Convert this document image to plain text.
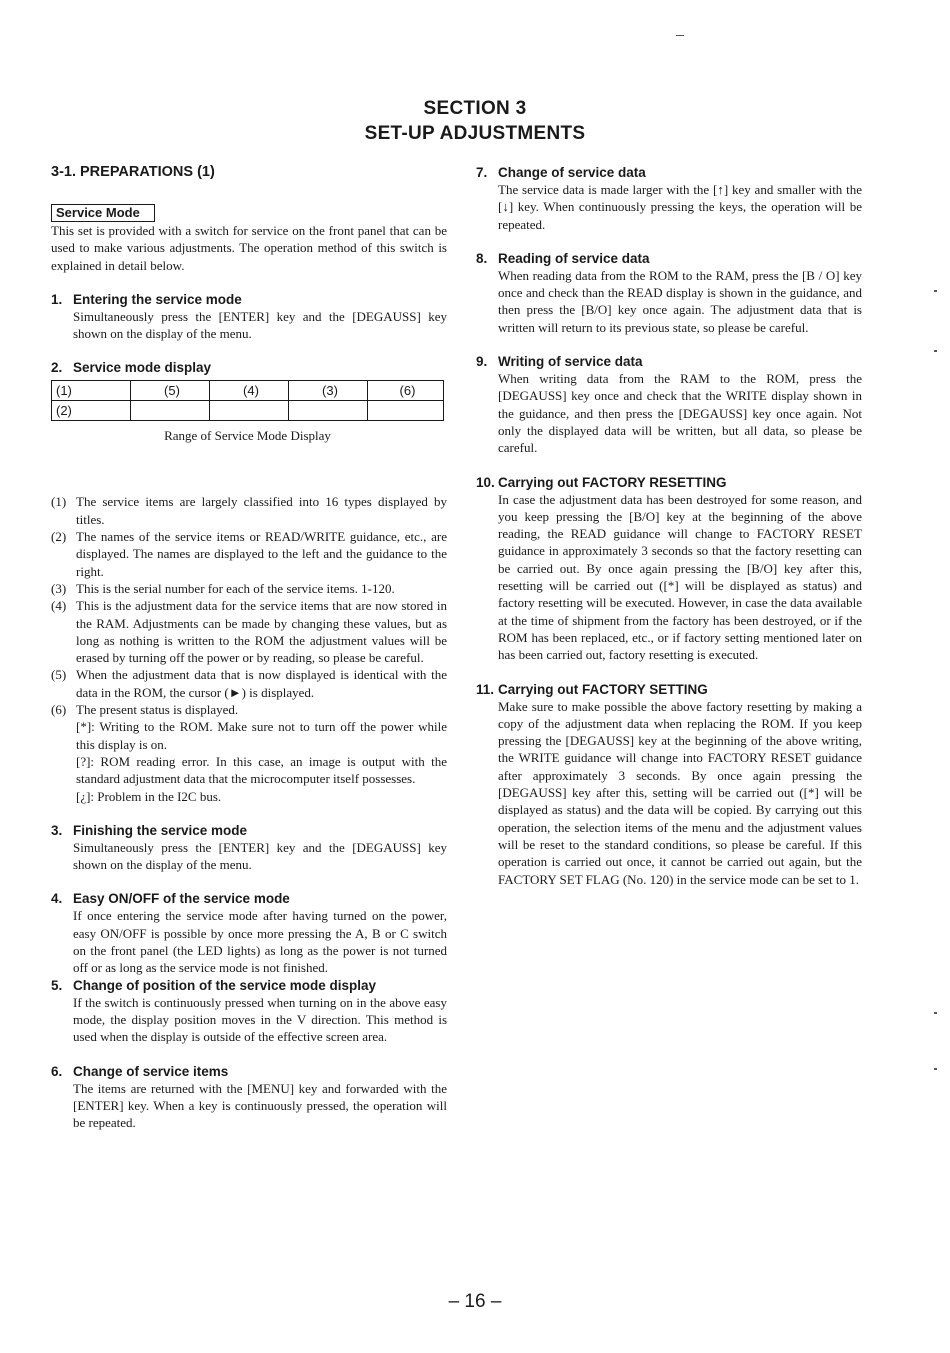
SECTION 3
SET-UP ADJUSTMENTS

3-1. PREPARATIONS (1)

Service Mode

This set is provided with a switch for service on the front panel that can be used to make various adjustments. The operation method of this switch is explained in detail below.

1. Entering the service mode

Simultaneously press the [ENTER] key and the [DEGAUSS] key shown on the display of the menu.

2. Service mode display

(1)	(5)	(4)	(3)	(6)
(2)				
Range of Service Mode Display
(1) The service items are largely classified into 16 types displayed by titles.
(2) The names of the service items or READ/WRITE guidance, etc., are displayed. The names are displayed to the left and the guidance to the right.
(3) This is the serial number for each of the service items. 1-120.
(4) This is the adjustment data for the service items that are now stored in the RAM. Adjustments can be made by changing these values, but as long as nothing is written to the ROM the adjustment values will be erased by turning off the power or by reading, so please be careful.
(5) When the adjustment data that is now displayed is identical with the data in the ROM, the cursor (►) is displayed.
(6) The present status is displayed.
[*]: Writing to the ROM. Make sure not to turn off the power while this display is on.
[?]: ROM reading error. In this case, an image is output with the standard adjustment data that the microcomputer itself possesses.
[¿]: Problem in the I2C bus.

3. Finishing the service mode

Simultaneously press the [ENTER] key and the [DEGAUSS] key shown on the display of the menu.

4. Easy ON/OFF of the service mode

If once entering the service mode after having turned on the power, easy ON/OFF is possible by once more pressing the A, B or C switch on the front panel (the LED lights) as long as the power is not turned off or as long as the service mode is not finished.

5. Change of position of the service mode display

If the switch is continuously pressed when turning on in the above easy mode, the display position moves in the V direction. This method is used when the display is outside of the effective screen area.

6. Change of service items

The items are returned with the [MENU] key and forwarded with the [ENTER] key. When a key is continuously pressed, the operation will be repeated.

7. Change of service data

The service data is made larger with the [↑] key and smaller with the [↓] key. When continuously pressing the keys, the operation will be repeated.

8. Reading of service data

When reading data from the ROM to the RAM, press the [B / O] key once and check than the READ display is shown in the guidance, and then press the [B/O] key once again. The adjustment data that is written will return to its previous state, so please be careful.

9. Writing of service data

When writing data from the RAM to the ROM, press the [DEGAUSS] key once and check that the WRITE display shown in the guidance, and then press the [DEGAUSS] key once again. Not only the displayed data will be written, but all data, so please be careful.

10. Carrying out FACTORY RESETTING

In case the adjustment data has been destroyed for some reason, and you keep pressing the [B/O] key at the beginning of the above reading, the READ guidance will change to FACTORY RESET guidance in approximately 3 seconds so that the factory resetting can be carried out. By once again pressing the [B/O] key after this, resetting will be carried out ([*] will be displayed as status) and factory resetting will be executed. However, in case the data available at the time of shipment from the factory has been destroyed, or if the ROM has been replaced, etc., or if factory setting mentioned later on has been carried out, factory resetting is executed.

11. Carrying out FACTORY SETTING

Make sure to make possible the above factory resetting by making a copy of the adjustment data when replacing the ROM. If you keep pressing the [DEGAUSS] key at the beginning of the above writing, the WRITE guidance will change into FACTORY RESET guidance after approximately 3 seconds. By once again pressing the [DEGAUSS] key after this, setting will be carried out ([*] will be displayed as status) and the data will be copied. By carrying out this operation, the selection items of the menu and the adjustment values will be reset to the standard conditions, so please be careful. If this operation is carried out once, it cannot be carried out again, but the FACTORY SET FLAG (No. 120) in the service mode can be set to 1.

– 16 –
